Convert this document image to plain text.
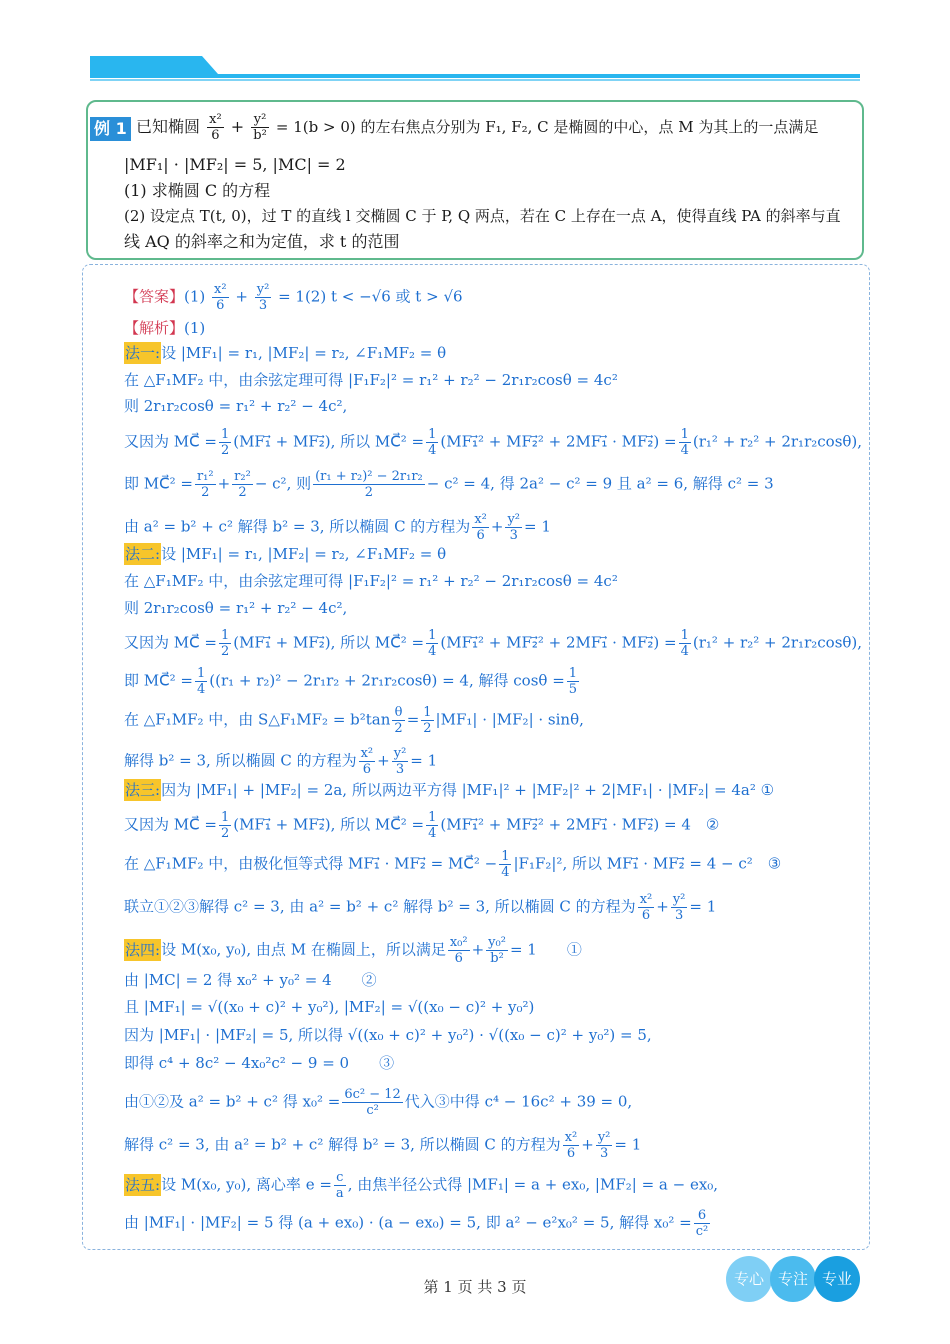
例 1 已知椭圆 $\frac{\text{x²}}{6} + \frac{\text{y²}}{\text{b²}} = 1(b > 0)$ 的左右焦点分别为 F₁, F₂, C 是椭圆的中心，点 M 为其上的一点满足
|MF₁| · |MF₂| = 5, |MC| = 2
(1) 求椭圆 C 的方程
(2) 设定点 T(t, 0)，过 T 的直线 l 交椭圆 C 于 P, Q 两点，若在 C 上存在一点 A，使得直线 PA 的斜率与直
线 AQ 的斜率之和为定值，求 t 的范围
【答案】$(1) \frac{\text{x²}}{6} + \frac{\text{y²}}{3} = 1(2) t < -√6$ 或 t > √6
【解析】(1)
法一:设 |MF₁| = r₁, |MF₂| = r₂, ∠F₁MF₂ = θ
在 △F₁MF₂ 中，由余弦定理可得 |F₁F₂|² = r₁² + r₂² − 2r₁r₂cosθ = 4c²
则 2r₁r₂cosθ = r₁² + r₂² − 4c²,
又因为 MC⃗ = $\frac{1}{2}$ (MF₁⃗ + MF₂⃗), 所以 MC⃗² = $\frac{1}{4}$ (MF₁⃗² + MF₂⃗² + 2MF₁⃗ · MF₂⃗) = $\frac{1}{4} (r_1^2 + r_2^2 + 2r_1r_2\cos\theta)$,
即 MC⃗² = $\frac{\text{r₁²}}{2} + \frac{\text{r₂²}}{2} - c^2$, 则 $\frac{\text{(r₁ + r₂)² − 2r₁r₂}}{2} - c^2 = 4$, 得 2a² − c² = 9 且 a² = 6, 解得 c² = 3
由 a² = b² + c² 解得 b² = 3, 所以椭圆 C 的方程为 $\frac{\text{x²}}{6} + \frac{\text{y²}}{3} = 1$
法二:设 |MF₁| = r₁, |MF₂| = r₂, ∠F₁MF₂ = θ
在 △F₁MF₂ 中，由余弦定理可得 |F₁F₂|² = r₁² + r₂² − 2r₁r₂cosθ = 4c²
则 2r₁r₂cosθ = r₁² + r₂² − 4c²,
又因为 MC⃗ = $\frac{1}{2}$ (MF₁⃗ + MF₂⃗), 所以 MC⃗² = $\frac{1}{4}$ (MF₁⃗² + MF₂⃗² + 2MF₁⃗ · MF₂⃗) = $\frac{1}{4} (r_1^2 + r_2^2 + 2r_1r_2\cos\theta)$,
即 MC⃗² = $\frac{1}{4} ((r_1 + r_2)^2 - 2r_1r_2 + 2r_1r_2\cos\theta) = 4$, 解得 $\cos\theta = \frac{1}{5}$
在 △F₁MF₂ 中，由 S△F₁MF₂ = $b^2\tan \frac{\theta}{2} = \frac{1}{2} |MF_1| \cdot |MF_2| \cdot \sin\theta$,
解得 b² = 3, 所以椭圆 C 的方程为 $\frac{\text{x²}}{6} + \frac{\text{y²}}{3} = 1$
法三:因为 |MF₁| + |MF₂| = 2a, 所以两边平方得 |MF₁|² + |MF₂|² + 2|MF₁| · |MF₂| = 4a² ①
又因为 MC⃗ = $\frac{1}{2}$ (MF₁⃗ + MF₂⃗), 所以 MC⃗² = $\frac{1}{4}$ (MF₁⃗² + MF₂⃗² + 2MF₁⃗ · MF₂⃗) = 4　②
在 △F₁MF₂ 中，由极化恒等式得 MF₁⃗ · MF₂⃗ = MC⃗² − $\frac{1}{4} |F_1F_2|^2$, 所以 MF₁⃗ · MF₂⃗ = 4 − c²　③
联立①②③解得 c² = 3, 由 a² = b² + c² 解得 b² = 3, 所以椭圆 C 的方程为 $\frac{\text{x²}}{6} + \frac{\text{y²}}{3} = 1$
法四:设 M(x₀, y₀), 由点 M 在椭圆上，所以满足 $\frac{\text{x₀²}}{6} + \frac{\text{y₀²}}{\text{b²}} = 1$　　①
由 |MC| = 2 得 x₀² + y₀² = 4　　②
且 |MF₁| = √((x₀ + c)² + y₀²), |MF₂| = √((x₀ − c)² + y₀²)
因为 |MF₁| · |MF₂| = 5, 所以得 √((x₀ + c)² + y₀²) · √((x₀ − c)² + y₀²) = 5,
即得 c⁴ + 8c² − 4x₀²c² − 9 = 0　　③
由①②及 a² = b² + c² 得 $x_0^2 = \frac{\text{6c² − 12}}{\text{c²}}$ 代入③中得 c⁴ − 16c² + 39 = 0,
解得 c² = 3, 由 a² = b² + c² 解得 b² = 3, 所以椭圆 C 的方程为 $\frac{\text{x²}}{6} + \frac{\text{y²}}{3} = 1$
法五:设 M(x₀, y₀), 离心率 $e = \frac{c}{a}$ , 由焦半径公式得 |MF₁| = a + ex₀, |MF₂| = a − ex₀,
由 |MF₁| · |MF₂| = 5 得 (a + ex₀) · (a − ex₀) = 5, 即 a² − e²x₀² = 5, 解得 $x_0^2 = \frac{6}{\text{c²}}$
第 1 页 共 3 页	专心 专注 专业
